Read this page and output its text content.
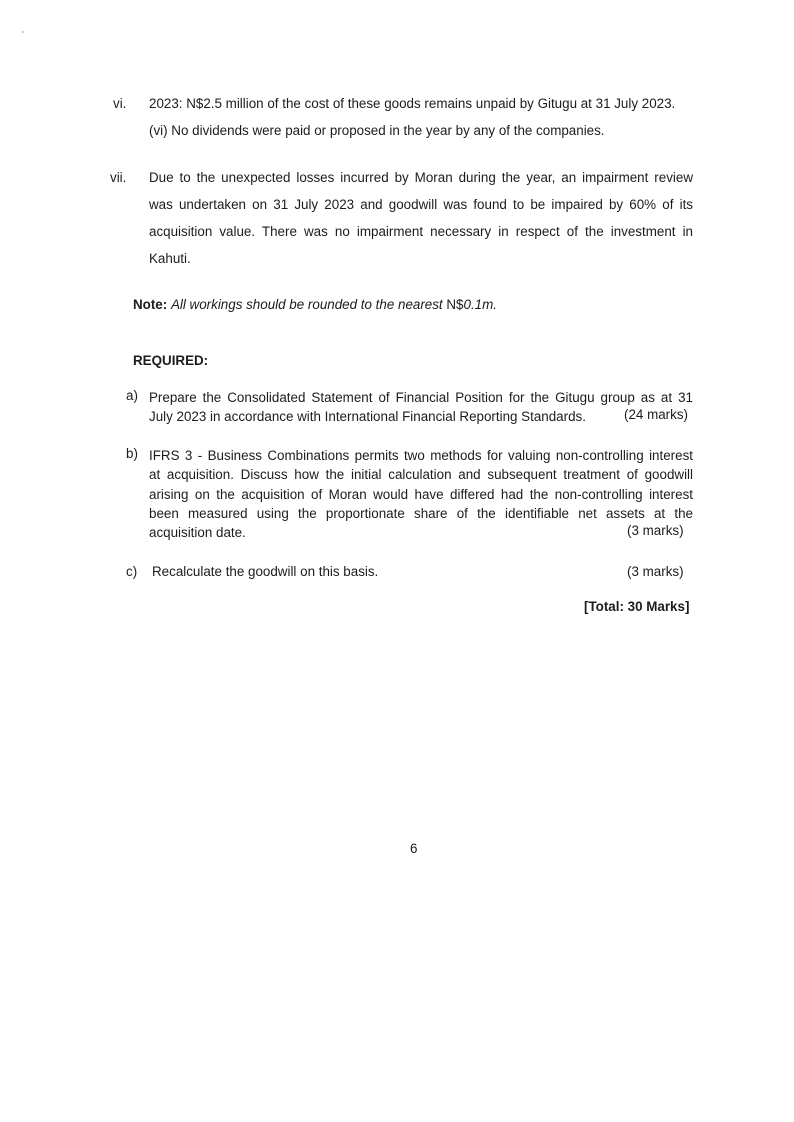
vi. 2023: N$2.5 million of the cost of these goods remains unpaid by Gitugu at 31 July 2023.
(vi) No dividends were paid or proposed in the year by any of the companies.
vii. Due to the unexpected losses incurred by Moran during the year, an impairment review
was undertaken on 31 July 2023 and goodwill was found to be impaired by 60% of its
acquisition value. There was no impairment necessary in respect of the investment in
Kahuti.
Note: All workings should be rounded to the nearest N$0.1m.
REQUIRED:
a) Prepare the Consolidated Statement of Financial Position for the Gitugu group as at 31
July 2023 in accordance with International Financial Reporting Standards.	(24 marks)
b) IFRS 3 - Business Combinations permits two methods for valuing non-controlling interest
at acquisition. Discuss how the initial calculation and subsequent treatment of goodwill
arising on the acquisition of Moran would have differed had the non-controlling interest
been measured using the proportionate share of the identifiable net assets at the
acquisition date.	(3 marks)
c) Recalculate the goodwill on this basis.	(3 marks)
[Total: 30 Marks]
6
